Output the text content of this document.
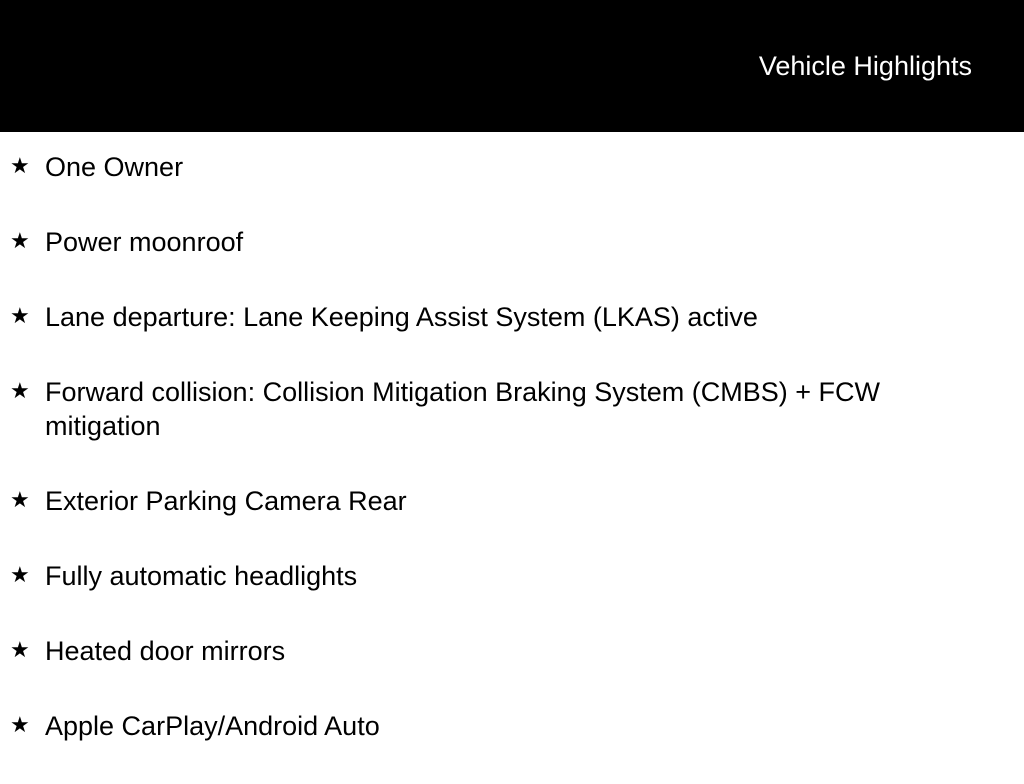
Vehicle Highlights
★ One Owner
★ Power moonroof
★ Lane departure: Lane Keeping Assist System (LKAS) active
★ Forward collision: Collision Mitigation Braking System (CMBS) + FCW mitigation
★ Exterior Parking Camera Rear
★ Fully automatic headlights
★ Heated door mirrors
★ Apple CarPlay/Android Auto
